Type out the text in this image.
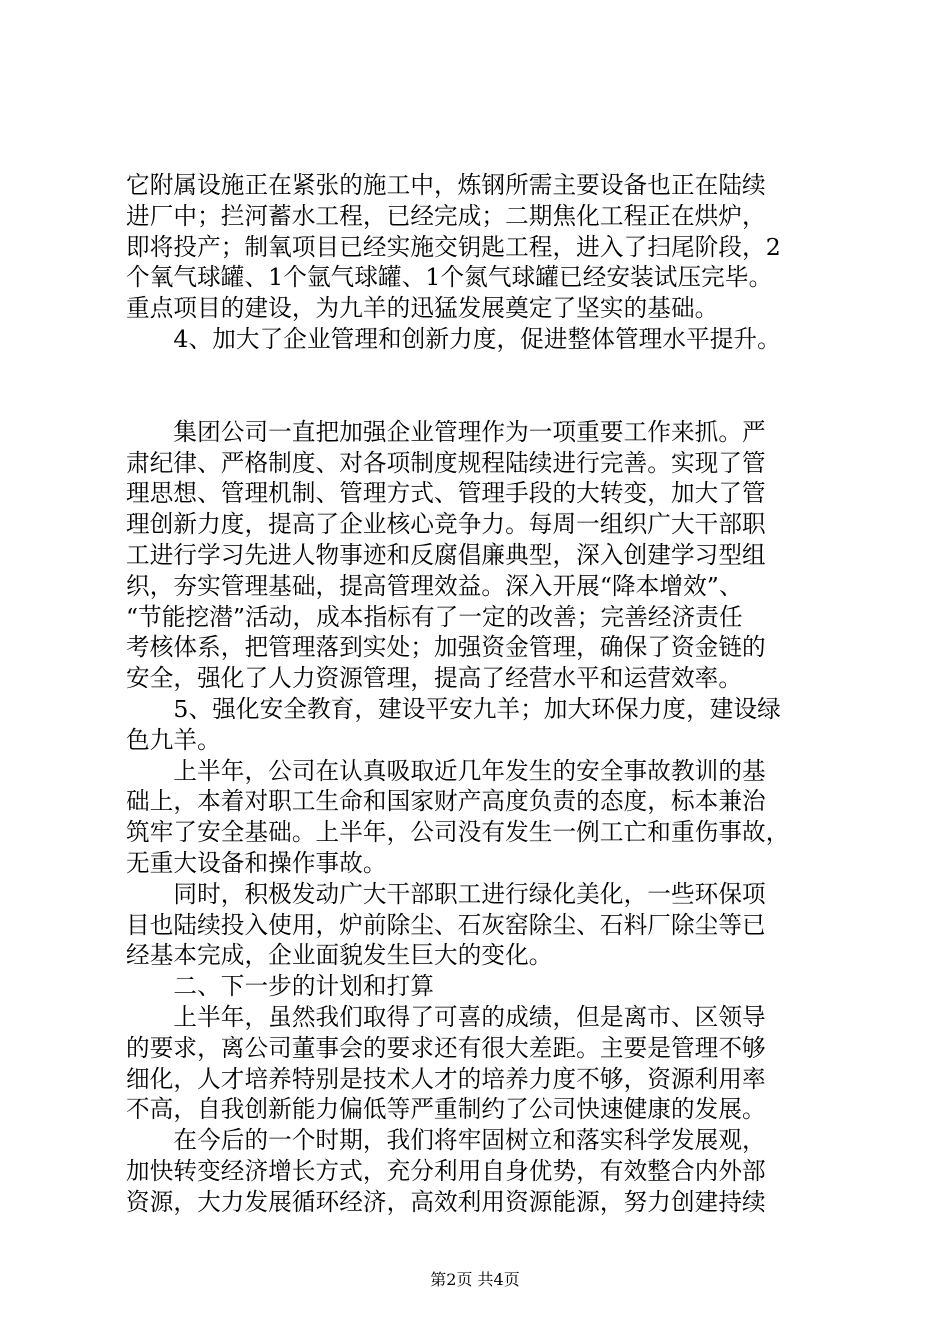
它附属设施正在紧张的施工中，炼钢所需主要设备也正在陆续
进厂中；拦河蓄水工程，已经完成；二期焦化工程正在烘炉，
即将投产；制氧项目已经实施交钥匙工程，进入了扫尾阶段，2
个氧气球罐、1个氩气球罐、1个氮气球罐已经安装试压完毕。
重点项目的建设，为九羊的迅猛发展奠定了坚实的基础。
　　4、加大了企业管理和创新力度，促进整体管理水平提升。
　　集团公司一直把加强企业管理作为一项重要工作来抓。严
肃纪律、严格制度、对各项制度规程陆续进行完善。实现了管
理思想、管理机制、管理方式、管理手段的大转变，加大了管
理创新力度，提高了企业核心竞争力。每周一组织广大干部职
工进行学习先进人物事迹和反腐倡廉典型，深入创建学习型组
织，夯实管理基础，提高管理效益。深入开展“降本增效”、
“节能挖潜”活动，成本指标有了一定的改善；完善经济责任
考核体系，把管理落到实处；加强资金管理，确保了资金链的
安全，强化了人力资源管理，提高了经营水平和运营效率。
　　5、强化安全教育，建设平安九羊；加大环保力度，建设绿
色九羊。
　　上半年，公司在认真吸取近几年发生的安全事故教训的基
础上，本着对职工生命和国家财产高度负责的态度，标本兼治
筑牢了安全基础。上半年，公司没有发生一例工亡和重伤事故，
无重大设备和操作事故。
　　同时，积极发动广大干部职工进行绿化美化，一些环保项
目也陆续投入使用，炉前除尘、石灰窑除尘、石料厂除尘等已
经基本完成，企业面貌发生巨大的变化。
　　二、下一步的计划和打算
　　上半年，虽然我们取得了可喜的成绩，但是离市、区领导
的要求，离公司董事会的要求还有很大差距。主要是管理不够
细化，人才培养特别是技术人才的培养力度不够，资源利用率
不高，自我创新能力偏低等严重制约了公司快速健康的发展。
　　在今后的一个时期，我们将牢固树立和落实科学发展观，
加快转变经济增长方式，充分利用自身优势，有效整合内外部
资源，大力发展循环经济，高效利用资源能源，努力创建持续
第2页 共4页
